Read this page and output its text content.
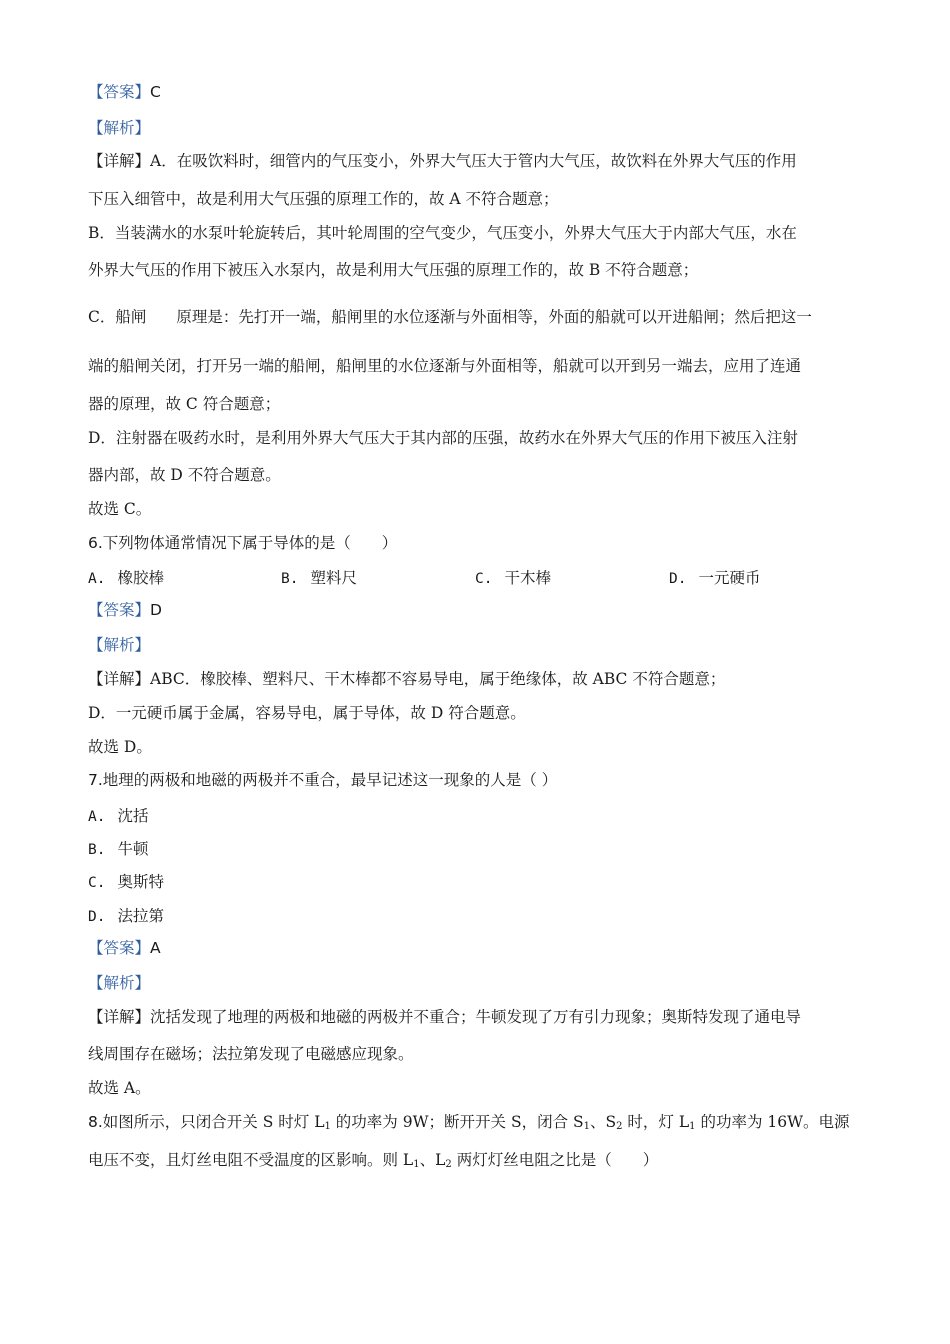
【答案】C
【解析】
【详解】A．在吸饮料时，细管内的气压变小，外界大气压大于管内大气压，故饮料在外界大气压的作用
下压入细管中，故是利用大气压强的原理工作的，故 A 不符合题意；
B．当装满水的水泵叶轮旋转后，其叶轮周围的空气变少，气压变小，外界大气压大于内部大气压，水在
外界大气压的作用下被压入水泵内，故是利用大气压强的原理工作的，故 B 不符合题意；
C．船闸 原理是：先打开一端，船闸里的水位逐渐与外面相等，外面的船就可以开进船闸；然后把这一
端的船闸关闭，打开另一端的船闸，船闸里的水位逐渐与外面相等，船就可以开到另一端去，应用了连通
器的原理，故 C 符合题意；
D．注射器在吸药水时，是利用外界大气压大于其内部的压强，故药水在外界大气压的作用下被压入注射
器内部，故 D 不符合题意。
故选 C。
6.下列物体通常情况下属于导体的是（　　）
A. 橡胶棒	B. 塑料尺	C. 干木棒	D. 一元硬币
【答案】D
【解析】
【详解】ABC．橡胶棒、塑料尺、干木棒都不容易导电，属于绝缘体，故 ABC 不符合题意；
D．一元硬币属于金属，容易导电，属于导体，故 D 符合题意。
故选 D。
7.地理的两极和地磁的两极并不重合，最早记述这一现象的人是（ ）
A. 沈括
B. 牛顿
C. 奥斯特
D. 法拉第
【答案】A
【解析】
【详解】沈括发现了地理的两极和地磁的两极并不重合；牛顿发现了万有引力现象；奥斯特发现了通电导
线周围存在磁场；法拉第发现了电磁感应现象。
故选 A。
8.如图所示，只闭合开关 S 时灯 $L_1$ 的功率为 9W；断开开关 S，闭合 $S_1$、$S_2$ 时，灯 $L_1$ 的功率为 16W。电源
电压不变，且灯丝电阻不受温度的区影响。则 $L_1$、$L_2$ 两灯灯丝电阻之比是（　　）
